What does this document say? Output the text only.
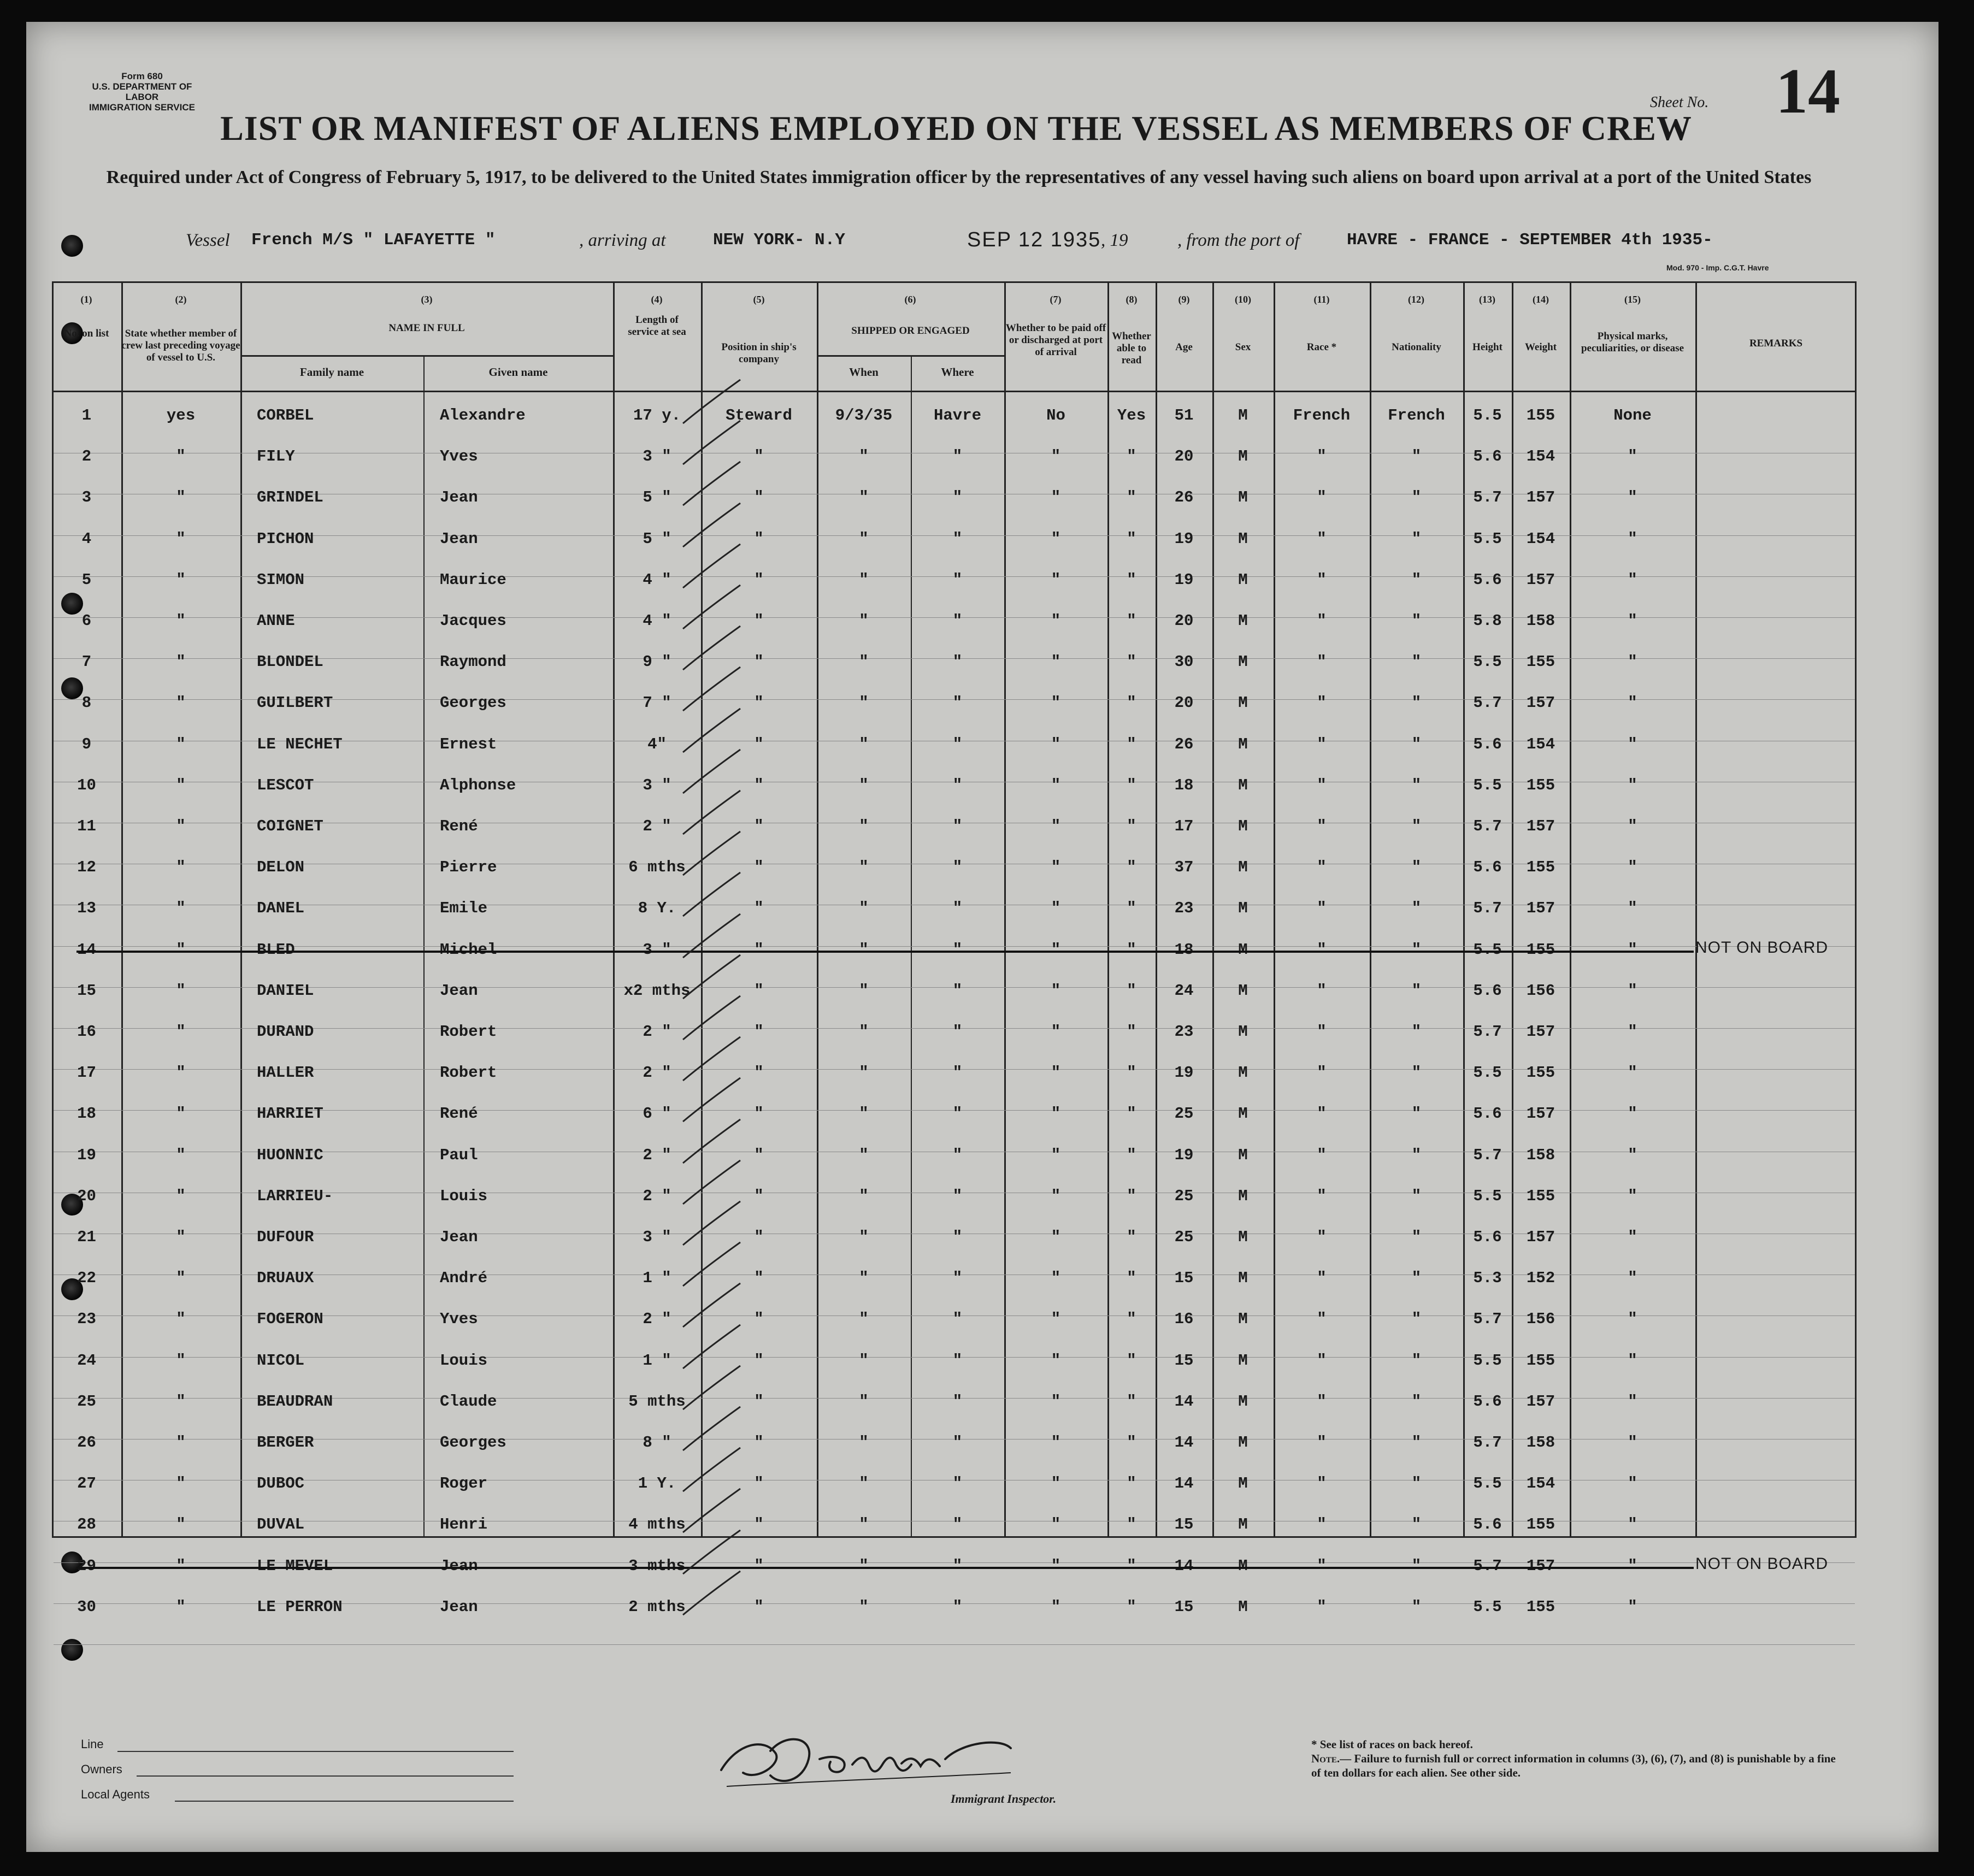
Form 680
U.S. DEPARTMENT OF LABOR
IMMIGRATION SERVICE	Sheet No. 14
LIST OR MANIFEST OF ALIENS EMPLOYED ON THE VESSEL AS MEMBERS OF CREW
Required under Act of Congress of February 5, 1917, to be delivered to the United States immigration officer by the representatives of any vessel having such aliens on board upon arrival at a port of the United States
Vessel French M/S " LAFAYETTE "	, arriving at	NEW YORK- N.Y	SEP 12 1935 , 19	, from the port of	HAVRE - FRANCE - SEPTEMBER 4th 1935-
Mod. 970 - Imp. C.G.T. Havre
(1)	(2)	(3)	(4)	(5)	(6)	(7)	(8)	(9)	(10)	(11)	(12)	(13)	(14)	(15)
State whether member of crew last preceding voyage of vessel to U.S.
No. on list	NAME IN FULL
Family name	Given name
Length of service at sea
Position in ship's company
SHIPPED OR ENGAGED
When	Where
Whether to be paid off or discharged at port of arrival
Whether able to read
Age	Sex	Race *	Nationality	Height	Weight
Physical marks, peculiarities, or disease	REMARKS
1	yes	CORBEL	Alexandre	17 y.	Steward	9/3/35	Havre	No	Yes	51	M	French	French	5.5	155	None
2	"	FILY	Yves	3 "	"	"	"	"	"	20	M	"	"	5.6	154	"
3	"	GRINDEL	Jean	5 "	"	"	"	"	"	26	M	"	"	5.7	157	"
4	"	PICHON	Jean	5 "	"	"	"	"	"	19	M	"	"	5.5	154	"
5	"	SIMON	Maurice	4 "	"	"	"	"	"	19	M	"	"	5.6	157	"
6	"	ANNE	Jacques	4 "	"	"	"	"	"	20	M	"	"	5.8	158	"
7	"	BLONDEL	Raymond	9 "	"	"	"	"	"	30	M	"	"	5.5	155	"
8	"	GUILBERT	Georges	7 "	"	"	"	"	"	20	M	"	"	5.7	157	"
9	"	LE NECHET	Ernest	4"	"	"	"	"	"	26	M	"	"	5.6	154	"
10	"	LESCOT	Alphonse	3 "	"	"	"	"	"	18	M	"	"	5.5	155	"
11	"	COIGNET	René	2 "	"	"	"	"	"	17	M	"	"	5.7	157	"
12	"	DELON	Pierre	6 mths	"	"	"	"	"	37	M	"	"	5.6	155	"
13	"	DANEL	Emile	8 Y.	"	"	"	"	"	23	M	"	"	5.7	157	"
14	"	BLED	Michel	3 "	"	"	"	"	"	18	M	"	"	5.5	155	"	NOT ON BOARD
15	"	DANIEL	Jean	x2 mths	"	"	"	"	"	24	M	"	"	5.6	156	"
16	"	DURAND	Robert	2 "	"	"	"	"	"	23	M	"	"	5.7	157	"
17	"	HALLER	Robert	2 "	"	"	"	"	"	19	M	"	"	5.5	155	"
18	"	HARRIET	René	6 "	"	"	"	"	"	25	M	"	"	5.6	157	"
19	"	HUONNIC	Paul	2 "	"	"	"	"	"	19	M	"	"	5.7	158	"
20	"	LARRIEU-	Louis	2 "	"	"	"	"	"	25	M	"	"	5.5	155	"
21	"	DUFOUR	Jean	3 "	"	"	"	"	"	25	M	"	"	5.6	157	"
22	"	DRUAUX	André	1 "	"	"	"	"	"	15	M	"	"	5.3	152	"
23	"	FOGERON	Yves	2 "	"	"	"	"	"	16	M	"	"	5.7	156	"
24	"	NICOL	Louis	1 "	"	"	"	"	"	15	M	"	"	5.5	155	"
25	"	BEAUDRAN	Claude	5 mths	"	"	"	"	"	14	M	"	"	5.6	157	"
26	"	BERGER	Georges	8 "	"	"	"	"	"	14	M	"	"	5.7	158	"
27	"	DUBOC	Roger	1 Y.	"	"	"	"	"	14	M	"	"	5.5	154	"
28	"	DUVAL	Henri	4 mths	"	"	"	"	"	15	M	"	"	5.6	155	"
29	"	LE MEVEL	Jean	3 mths	"	"	"	"	"	14	M	"	"	5.7	157	"	NOT ON BOARD
30	"	LE PERRON	Jean	2 mths	"	"	"	"	"	15	M	"	"	5.5	155	"
Line
Owners
Local Agents	Immigrant Inspector.
* See list of races on back hereof.
Note.— Failure to furnish full or correct information in columns (3), (6), (7), and (8) is punishable by a fine of ten dollars for each alien. See other side.
